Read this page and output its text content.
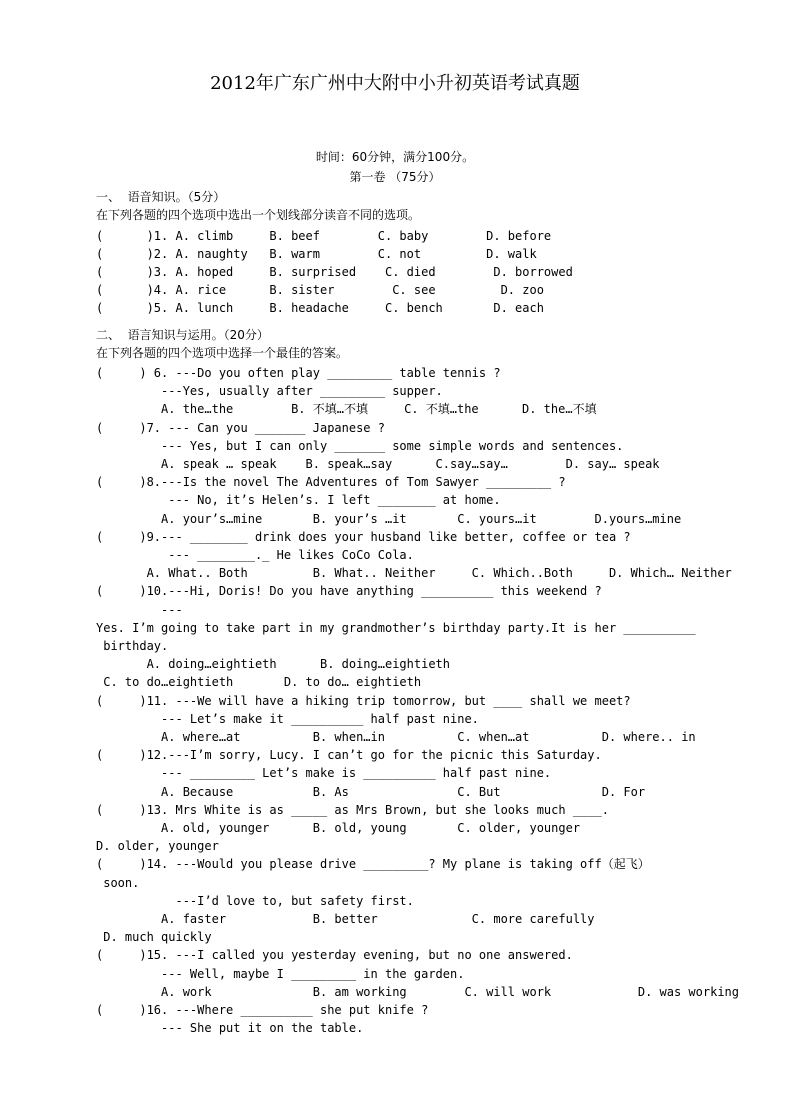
2012年广东广州中大附中小升初英语考试真题
时间：60分钟，满分100分。
第一卷 （75分）
一、  语音知识。（5分）
在下列各题的四个选项中选出一个划线部分读音不同的选项。
(      )1. A. climb     B. beef        C. baby        D. before
(      )2. A. naughty   B. warm        C. not         D. walk
(      )3. A. hoped     B. surprised    C. died        D. borrowed
(      )4. A. rice      B. sister        C. see         D. zoo
(      )5. A. lunch     B. headache     C. bench       D. each
二、  语言知识与运用。（20分）
在下列各题的四个选项中选择一个最佳的答案。
(     ) 6. ---Do you often play _________ table tennis ?
---Yes, usually after _________ supper.
A. the…the        B. 不填…不填     C. 不填…the      D. the…不填
(     )7. --- Can you _______ Japanese ?
--- Yes, but I can only _______ some simple words and sentences.
A. speak … speak    B. speak…say      C.say…say…        D. say… speak
(     )8.---Is the novel The Adventures of Tom Sawyer _________ ?
--- No, it’s Helen’s. I left ________ at home.
A. your’s…mine       B. your’s …it       C. yours…it        D.yours…mine
(     )9.--- ________ drink does your husband like better, coffee or tea ?
--- ________._ He likes CoCo Cola.
A. What.. Both         B. What.. Neither     C. Which..Both     D. Which… Neither
(     )10.---Hi, Doris! Do you have anything __________ this weekend ?
---
Yes. I’m going to take part in my grandmother’s birthday party.It is her __________
birthday.
A. doing…eightieth      B. doing…eightieth
C. to do…eightieth       D. to do… eightieth
(     )11. ---We will have a hiking trip tomorrow, but ____ shall we meet?
--- Let’s make it __________ half past nine.
A. where…at          B. when…in          C. when…at          D. where.. in
(     )12.---I’m sorry, Lucy. I can’t go for the picnic this Saturday.
--- _________ Let’s make is __________ half past nine.
A. Because           B. As               C. But              D. For
(     )13. Mrs White is as _____ as Mrs Brown, but she looks much ____.
A. old, younger      B. old, young       C. older, younger
D. older, younger
(     )14. ---Would you please drive _________? My plane is taking off（起飞）
soon.
---I’d love to, but safety first.
A. faster            B. better             C. more carefully
D. much quickly
(     )15. ---I called you yesterday evening, but no one answered.
--- Well, maybe I _________ in the garden.
A. work              B. am working        C. will work            D. was working
(     )16. ---Where __________ she put knife ?
--- She put it on the table.
